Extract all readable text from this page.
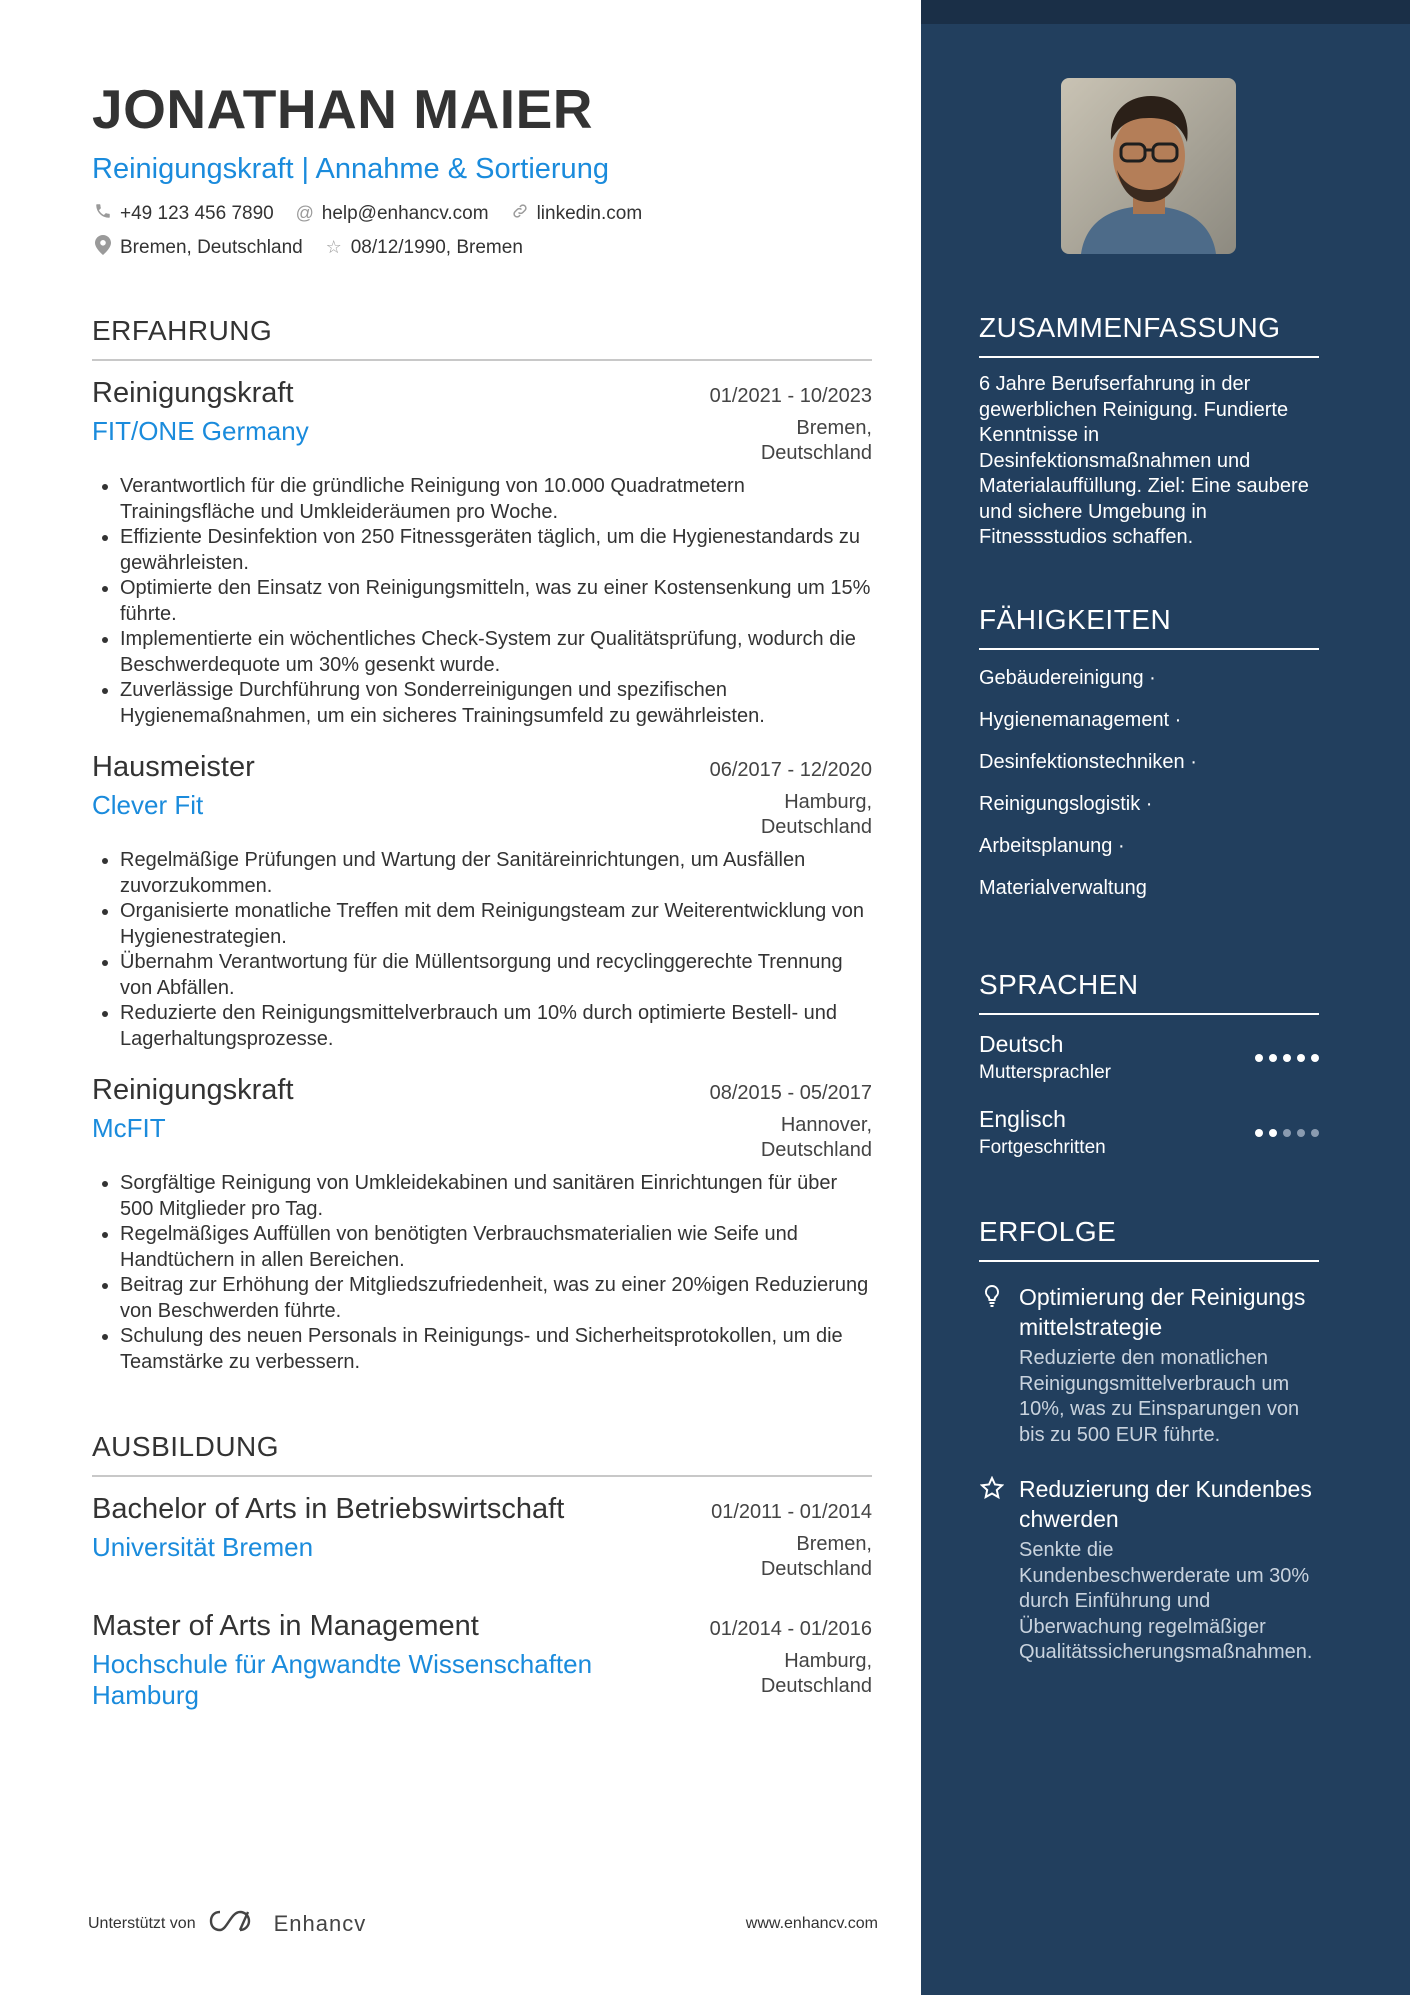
JONATHAN MAIER
Reinigungskraft | Annahme & Sortierung
+49 123 456 7890 @ help@enhancv.com	linkedin.com
Bremen, Deutschland ☆ 08/12/1990, Bremen
ERFAHRUNG
Reinigungskraft	01/2021 - 10/2023
FIT/ONE Germany	Bremen,
Deutschland
• Verantwortlich für die gründliche Reinigung von 10.000 Quadratmetern Trainingsfläche und Umkleideräumen pro Woche.
• Effiziente Desinfektion von 250 Fitnessgeräten täglich, um die Hygienestandards zu gewährleisten.
• Optimierte den Einsatz von Reinigungsmitteln, was zu einer Kostensenkung um 15% führte.
• Implementierte ein wöchentliches Check-System zur Qualitätsprüfung, wodurch die Beschwerdequote um 30% gesenkt wurde.
• Zuverlässige Durchführung von Sonderreinigungen und spezifischen Hygienemaßnahmen, um ein sicheres Trainingsumfeld zu gewährleisten.
Hausmeister	06/2017 - 12/2020
Clever Fit	Hamburg,
Deutschland
• Regelmäßige Prüfungen und Wartung der Sanitäreinrichtungen, um Ausfällen zuvorzukommen.
• Organisierte monatliche Treffen mit dem Reinigungsteam zur Weiterentwicklung von Hygienestrategien.
• Übernahm Verantwortung für die Müllentsorgung und recyclinggerechte Trennung von Abfällen.
• Reduzierte den Reinigungsmittelverbrauch um 10% durch optimierte Bestell- und Lagerhaltungsprozesse.
Reinigungskraft	08/2015 - 05/2017
McFIT	Hannover,
Deutschland
• Sorgfältige Reinigung von Umkleidekabinen und sanitären Einrichtungen für über 500 Mitglieder pro Tag.
• Regelmäßiges Auffüllen von benötigten Verbrauchsmaterialien wie Seife und Handtüchern in allen Bereichen.
• Beitrag zur Erhöhung der Mitgliedszufriedenheit, was zu einer 20%igen Reduzierung von Beschwerden führte.
• Schulung des neuen Personals in Reinigungs- und Sicherheitsprotokollen, um die Teamstärke zu verbessern.
AUSBILDUNG
Bachelor of Arts in Betriebswirtschaft	01/2011 - 01/2014
Universität Bremen	Bremen,
Deutschland
Master of Arts in Management	01/2014 - 01/2016
Hochschule für Angwandte Wissenschaften Hamburg
Hamburg,
Deutschland
Unterstützt von	Enhancv	www.enhancv.com
ZUSAMMENFASSUNG
6 Jahre Berufserfahrung in der gewerblichen Reinigung. Fundierte Kenntnisse in Desinfektionsmaßnahmen und Materialauffüllung. Ziel: Eine saubere und sichere Umgebung in Fitnessstudios schaffen.
FÄHIGKEITEN
Gebäudereinigung ·
Hygienemanagement ·
Desinfektionstechniken ·
Reinigungslogistik ·
Arbeitsplanung ·
Materialverwaltung
SPRACHEN
Deutsch
Muttersprachler
Englisch
Fortgeschritten
ERFOLGE
Optimierung der Reinigungsmittelstrategie
Reduzierte den monatlichen Reinigungsmittelverbrauch um 10%, was zu Einsparungen von bis zu 500 EUR führte.
Reduzierung der Kundenbeschwerden
Senkte die Kundenbeschwerderate um 30% durch Einführung und Überwachung regelmäßiger Qualitätssicherungsmaßnahmen.
